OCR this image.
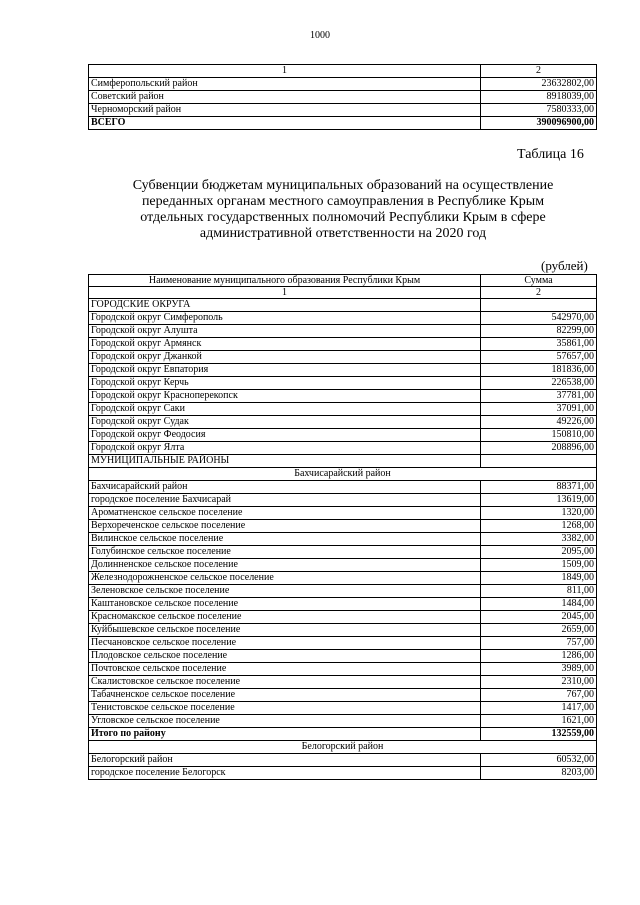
1000
1	2
Симферопольский район	23632802,00
Советский район	8918039,00
Черноморский район	7580333,00
ВСЕГО	390096900,00
Таблица 16
Субвенции бюджетам муниципальных образований на осуществление
переданных органам местного самоуправления в Республике Крым
отдельных государственных полномочий Республики Крым в сфере
административной ответственности на 2020 год
(рублей)
Наименование муниципального образования Республики Крым	Сумма
1	2
ГОРОДСКИЕ ОКРУГА	
Городской округ Симферополь	542970,00
Городской округ Алушта	82299,00
Городской округ Армянск	35861,00
Городской округ Джанкой	57657,00
Городской округ Евпатория	181836,00
Городской округ Керчь	226538,00
Городской округ Красноперекопск	37781,00
Городской округ Саки	37091,00
Городской округ Судак	49226,00
Городской округ Феодосия	150810,00
Городской округ Ялта	208896,00
МУНИЦИПАЛЬНЫЕ РАЙОНЫ	
Бахчисарайский район	
Бахчисарайский район	88371,00
городское поселение Бахчисарай	13619,00
Ароматненское сельское поселение	1320,00
Верхореченское сельское поселение	1268,00
Вилинское сельское поселение	3382,00
Голубинское сельское поселение	2095,00
Долинненское сельское поселение	1509,00
Железнодорожненское сельское поселение	1849,00
Зеленовское сельское поселение	811,00
Каштановское сельское поселение	1484,00
Красномакское сельское поселение	2045,00
Куйбышевское сельское поселение	2659,00
Песчановское сельское поселение	757,00
Плодовское сельское поселение	1286,00
Почтовское сельское поселение	3989,00
Скалистовское сельское поселение	2310,00
Табачненское сельское поселение	767,00
Тенистовское сельское поселение	1417,00
Угловское сельское поселение	1621,00
Итого по району	132559,00
Белогорский район	
Белогорский район	60532,00
городское поселение Белогорск	8203,00
